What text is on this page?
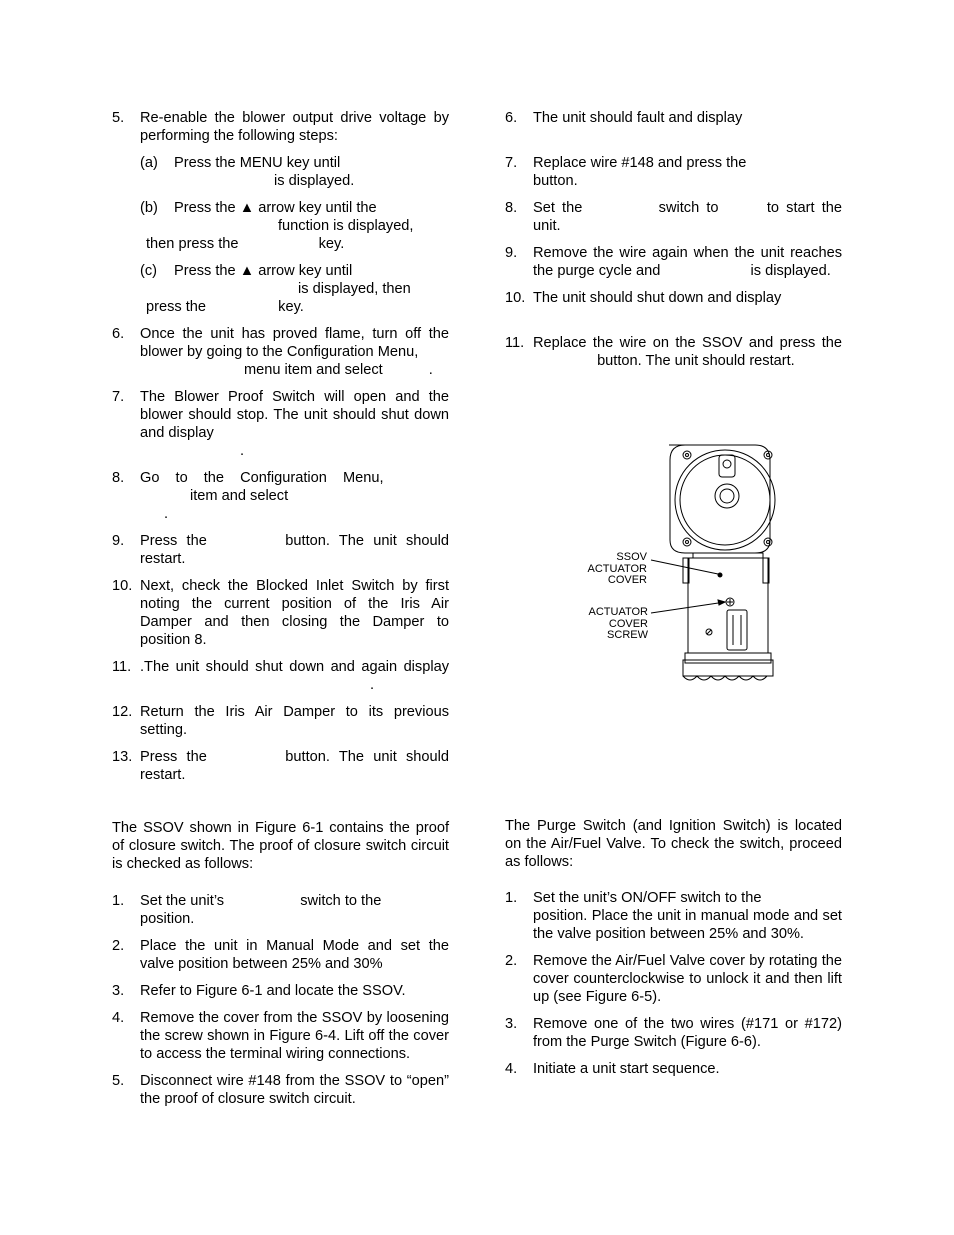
5.	Re-enable the blower output drive voltage by performing the following steps:
(a)	Press the MENU key until

is displayed.
(b)	Press the ▲ arrow key until the

function is displayed,
then press the	key.
(c)	Press the ▲ arrow key until

is displayed, then
press the	key.
6.	Once the unit has proved flame, turn off the blower by going to the Configuration Menu,
menu item and select	.
7.	The Blower Proof Switch will open and the blower should stop. The unit should shut down and display
.
8.	Go to the Configuration Menu,
item and select
.
9.	Press the	button. The unit should restart.
10. Next, check the Blocked Inlet Switch by first noting the current position of the Iris Air Damper and then closing the Damper to position 8.
11. .The unit should shut down and again display .
12. Return the Iris Air Damper to its previous setting.
13. Press the	button. The unit should restart.
6.	The unit should fault and display
7.	Replace wire #148 and press the
button.
8.	Set the	switch to	to start the unit.
9.	Remove the wire again when the unit reaches the purge cycle and	is displayed.
10. The unit should shut down and display
11. Replace the wire on the SSOV and press the  button. The unit should restart.
SSOV
ACTUATOR
COVER
ACTUATOR
COVER
SCREW
The SSOV shown in Figure 6-1 contains the proof of closure switch. The proof of closure switch circuit is checked as follows:
1.	Set the unit’s	switch to the
position.
2.	Place the unit in Manual Mode and set the valve position between 25% and 30%
3.	Refer to Figure 6-1 and locate the SSOV.
4.	Remove the cover from the SSOV by loosening the screw shown in Figure 6-4. Lift off the cover to access the terminal wiring connections.
5.	Disconnect wire #148 from the SSOV to “open” the proof of closure switch circuit.
The Purge Switch (and Ignition Switch) is located on the Air/Fuel Valve. To check the switch, proceed as follows:
1.	Set the unit’s ON/OFF switch to the
position. Place the unit in manual mode and set the valve position between 25% and 30%.
2.	Remove the Air/Fuel Valve cover by rotating the cover counterclockwise to unlock it and then lift up (see Figure 6-5).
3.	Remove one of the two wires (#171 or #172) from the Purge Switch (Figure 6-6).
4.	Initiate a unit start sequence.
